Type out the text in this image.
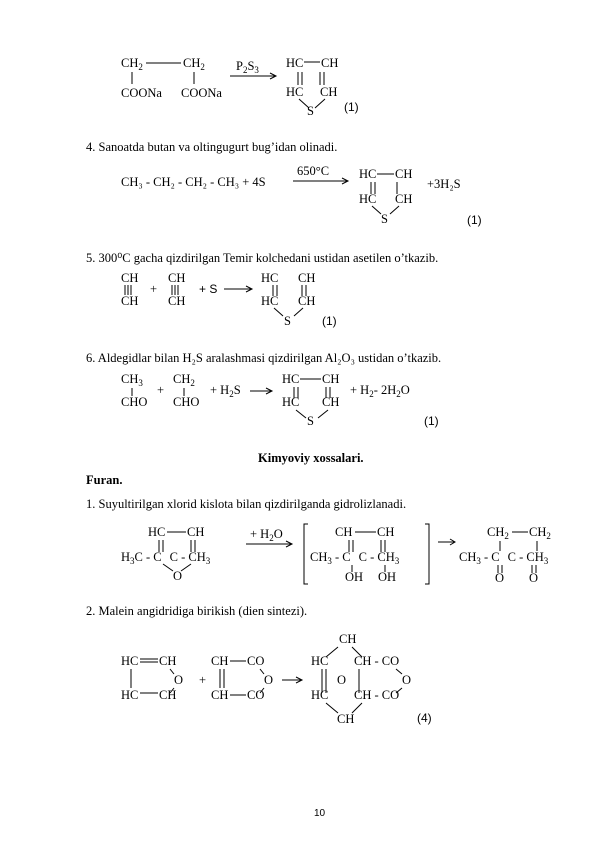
$CH_2$	$CH_2$
COONa COONa
$P_2S_3$ HC CH
HC CH
S	(1)
4. Sanoatda butan va oltingugurt bug’idan olinadi.
CH₃ - CH₂ - CH₂ - CH₃ + 4S
650°C HC CH
+3H₂S
HC CH
S	(1)
5. 300⁰C gacha qizdirilgan Temir kolchedani ustidan asetilen o’tkazib.
CH
CH
+
CH
CH
+ S
HC CH
HC CH
S	(1)
6. Aldegidlar bilan H₂S aralashmasi qizdirilgan Al₂O₃ ustidan o’tkazib.
$CH_3$
CHO
+
$CH_2$
CHO
+ $H_2S$
HC CH
HC CH
S
+ $H_2-$ $2H_2O$
(1)
Kimyoviy xossalari.
Furan.
1. Suyultirilgan xlorid kislota bilan qizdirilganda gidrolizlanadi.
HC CH
$H_3C$ - C C - $CH_3$
O
+ $H_2O$	CH CH
$CH_3$ - C C - $CH_3$
OH OH
$CH_2$ $CH_2$
$CH_3$ - C C - $CH_3$
O O
2. Malein angidridiga birikish (dien sintezi).
HC CH
O
HC CH
+
CH CO
O
CH CO
CH
HC CH - CO
O	O
HC CH - CO
CH	(4)
10
